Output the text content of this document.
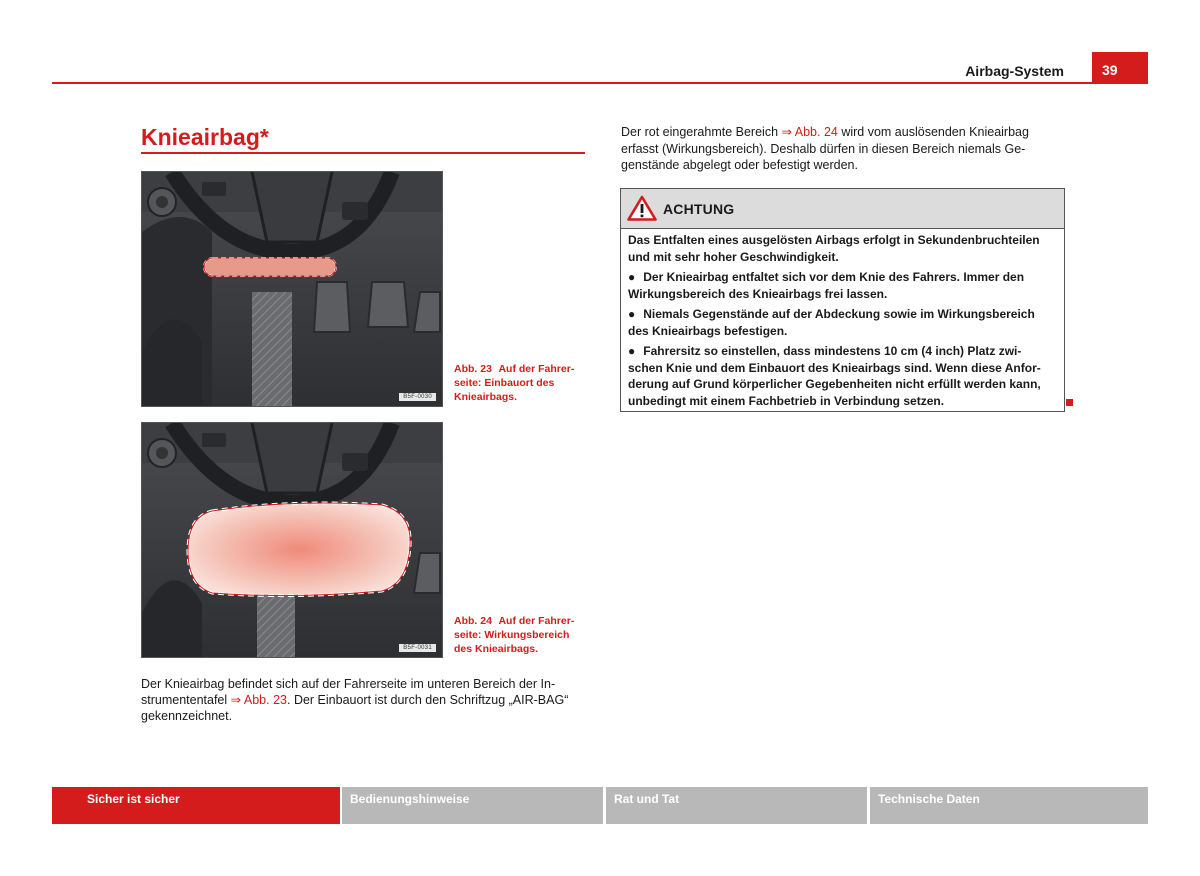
Airbag-System	39
Knieairbag*
B5F-0030
Abb. 23 Auf der Fahrer-seite: Einbauort des Knieairbags.
B5F-0031
Abb. 24 Auf der Fahrer-seite: Wirkungsbereich des Knieairbags.
Der Knieairbag befindet sich auf der Fahrerseite im unteren Bereich der In-strumententafel ⇒ Abb. 23. Der Einbauort ist durch den Schriftzug „AIR-BAG“ gekennzeichnet.
Der rot eingerahmte Bereich ⇒ Abb. 24 wird vom auslösenden Knieairbag erfasst (Wirkungsbereich). Deshalb dürfen in diesen Bereich niemals Ge-genstände abgelegt oder befestigt werden.
ACHTUNG

Das Entfalten eines ausgelösten Airbags erfolgt in Sekundenbruchteilen und mit sehr hoher Geschwindigkeit.

● Der Knieairbag entfaltet sich vor dem Knie des Fahrers. Immer den Wirkungsbereich des Knieairbags frei lassen.

● Niemals Gegenstände auf der Abdeckung sowie im Wirkungsbereich des Knieairbags befestigen.

● Fahrersitz so einstellen, dass mindestens 10 cm (4 inch) Platz zwi-schen Knie und dem Einbauort des Knieairbags sind. Wenn diese Anfor-derung auf Grund körperlicher Gegebenheiten nicht erfüllt werden kann, unbedingt mit einem Fachbetrieb in Verbindung setzen.

Sicher ist sicher	Bedienungshinweise	Rat und Tat	Technische Daten
